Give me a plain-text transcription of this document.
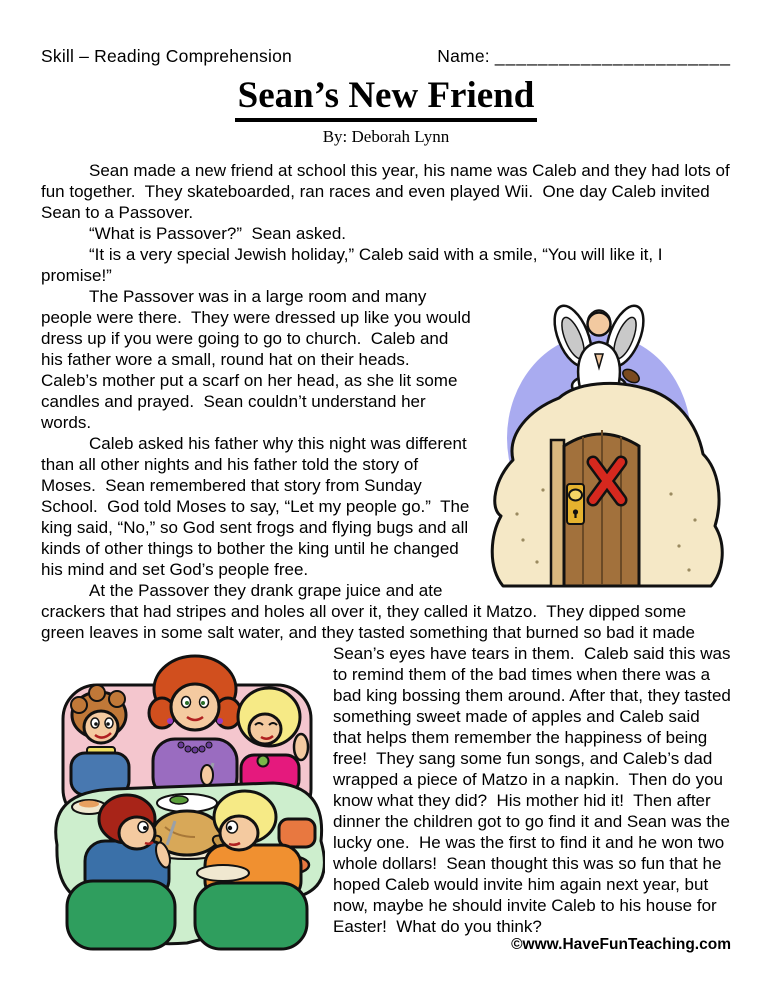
Skill – Reading Comprehension	Name: ______________________
Sean’s New Friend
By: Deborah Lynn

Sean made a new friend at school this year, his name was Caleb and they had lots of fun together.  They skateboarded, ran races and even played Wii.  One day Caleb invited Sean to a Passover.

“What is Passover?”  Sean asked.

“It is a very special Jewish holiday,” Caleb said with a smile, “You will like it, I promise!”

The Passover was in a large room and many people were there.  They were dressed up like you would dress up if you were going to go to church.  Caleb and his father wore a small, round hat on their heads.  Caleb’s mother put a scarf on her head, as she lit some candles and prayed.  Sean couldn’t understand her words.

Caleb asked his father why this night was different than all other nights and his father told the story of Moses.  Sean remembered that story from Sunday School.  God told Moses to say, “Let my people go.”  The king said, “No,” so God sent frogs and flying bugs and all kinds of other things to bother the king until he changed his mind and set God’s people free.

At the Passover they drank grape juice and ate crackers that had stripes and holes all over it, they called it Matzo.  They dipped some green leaves in some salt water, and they tasted something that burned so bad it made
Sean’s eyes have tears in them.  Caleb said this was to remind them of the bad times when there was a bad king bossing them around. After that, they tasted something sweet made of apples and Caleb said that helps them remember the happiness of being free!  They sang some fun songs, and Caleb’s dad wrapped a piece of Matzo in a napkin.  Then do you know what they did?  His mother hid it!  Then after dinner the children got to go find it and Sean was the lucky one.  He was the first to find it and he won two whole dollars!  Sean thought this was so fun that he hoped Caleb would invite him again next year, but now, maybe he should invite Caleb to his house for Easter!  What do you think?

©www.HaveFunTeaching.com
